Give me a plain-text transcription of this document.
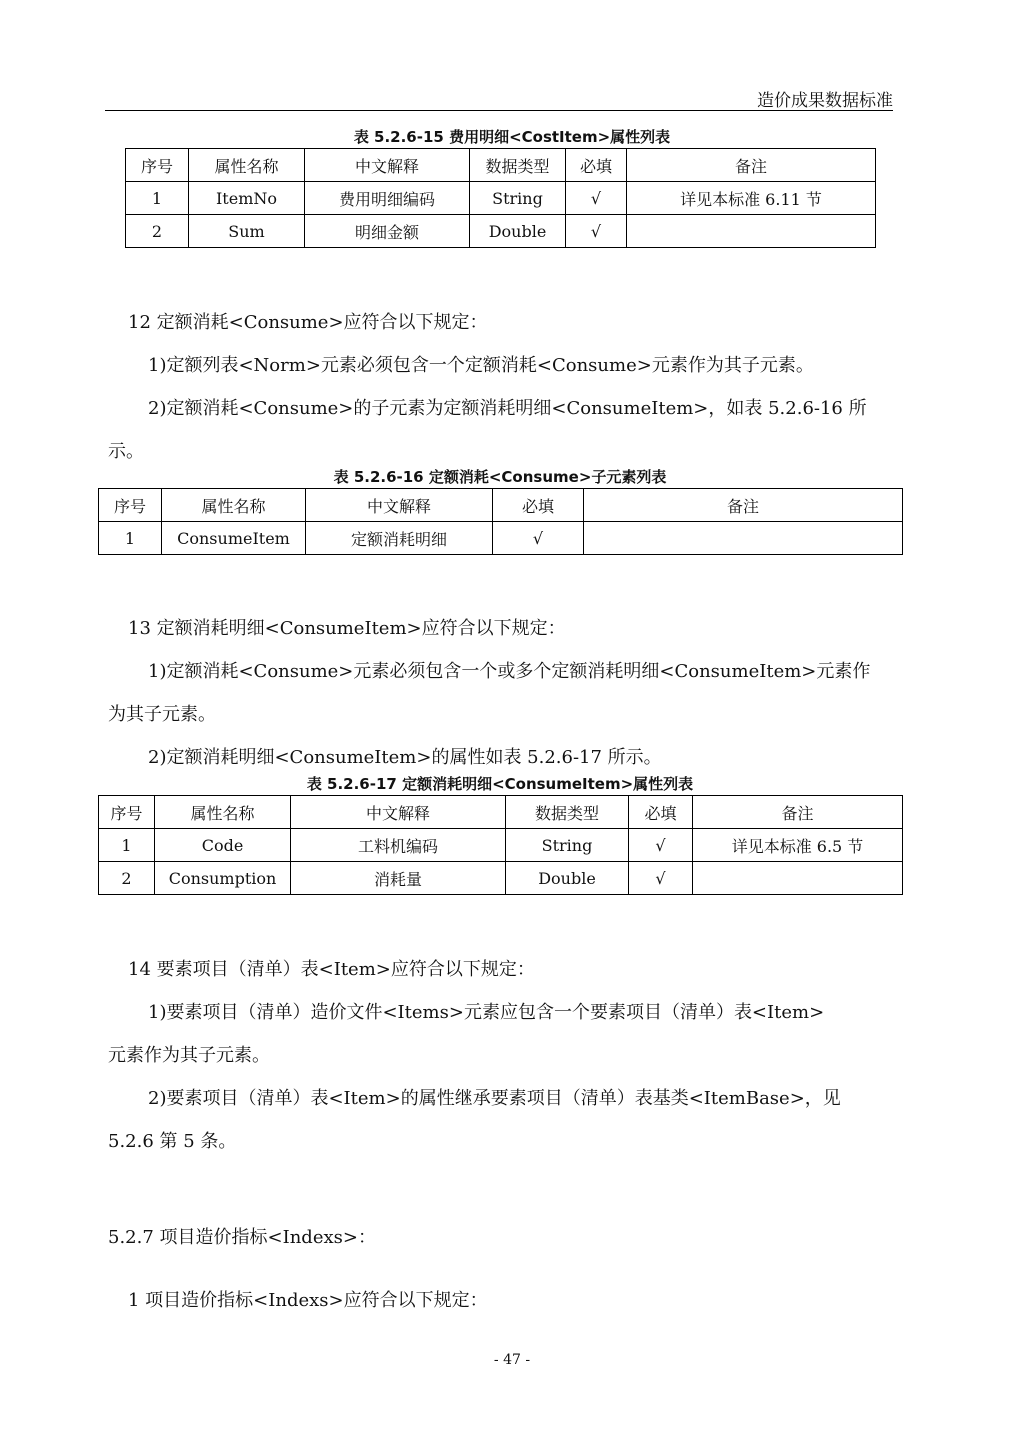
造价成果数据标准
表 5.2.6-15 费用明细<CostItem>属性列表
序号	属性名称	中文解释	数据类型	必填	备注
1	ItemNo	费用明细编码	String	√	详见本标准 6.11 节
2	Sum	明细金额	Double	√	
12 定额消耗<Consume>应符合以下规定：
1)定额列表<Norm>元素必须包含一个定额消耗<Consume>元素作为其子元素。
2)定额消耗<Consume>的子元素为定额消耗明细<ConsumeItem>，如表 5.2.6-16 所
示。
表 5.2.6-16 定额消耗<Consume>子元素列表
序号	属性名称	中文解释	必填	备注
1	ConsumeItem	定额消耗明细	√	
13 定额消耗明细<ConsumeItem>应符合以下规定：
1)定额消耗<Consume>元素必须包含一个或多个定额消耗明细<ConsumeItem>元素作
为其子元素。
2)定额消耗明细<ConsumeItem>的属性如表 5.2.6-17 所示。
表 5.2.6-17 定额消耗明细<ConsumeItem>属性列表
序号	属性名称	中文解释	数据类型	必填	备注
1	Code	工料机编码	String	√	详见本标准 6.5 节
2	Consumption	消耗量	Double	√	
14 要素项目（清单）表<Item>应符合以下规定：
1)要素项目（清单）造价文件<Items>元素应包含一个要素项目（清单）表<Item>
元素作为其子元素。
2)要素项目（清单）表<Item>的属性继承要素项目（清单）表基类<ItemBase>，见
5.2.6 第 5 条。
5.2.7 项目造价指标<Indexs>：
1 项目造价指标<Indexs>应符合以下规定：
- 47 -
